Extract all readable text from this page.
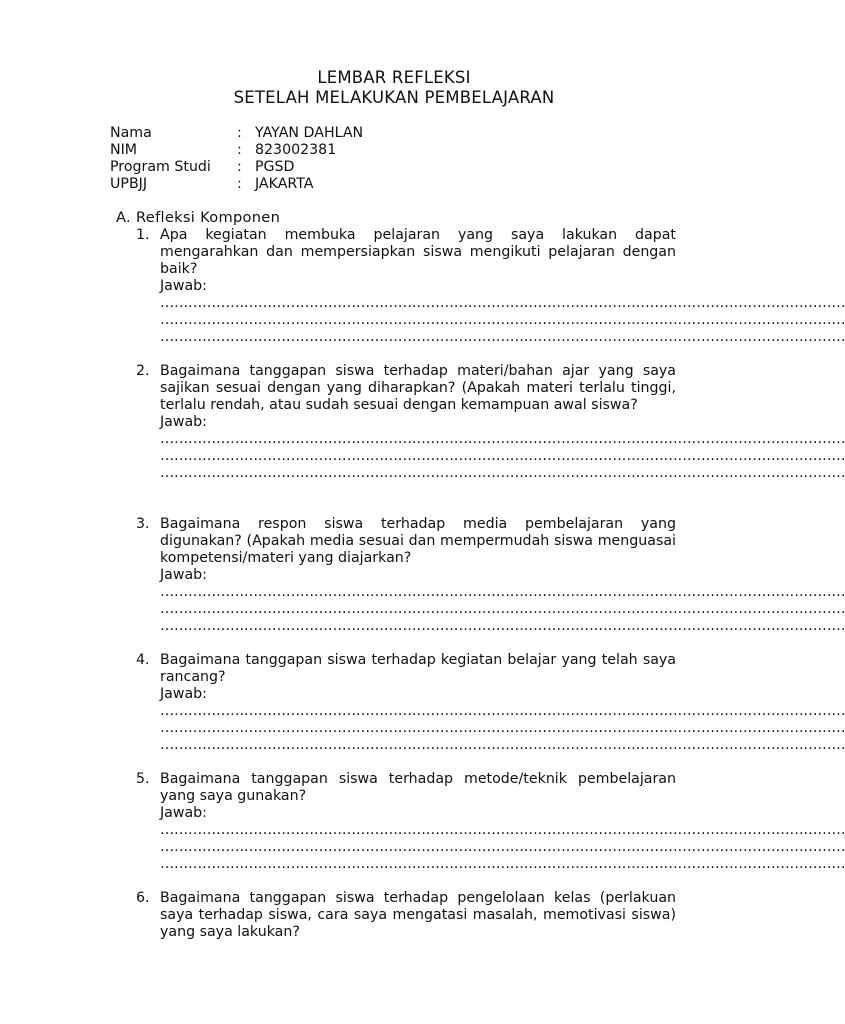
LEMBAR REFLEKSI
SETELAH MELAKUKAN PEMBELAJARAN
Nama	: YAYAN DAHLAN
NIM	: 823002381
Program Studi	: PGSD
UPBJJ	: JAKARTA
A. Refleksi Komponen
1. Apa kegiatan membuka pelajaran yang saya lakukan dapat mengarahkan dan mempersiapkan siswa mengikuti pelajaran dengan baik?
Jawab:
…………………………………………………………………………………………………………………………………
…………………………………………………………………………………………………………………………………
…………………………………………………………………………………………………………………………………
2. Bagaimana tanggapan siswa terhadap materi/bahan ajar yang saya sajikan sesuai dengan yang diharapkan? (Apakah materi terlalu tinggi, terlalu rendah, atau sudah sesuai dengan kemampuan awal siswa?
Jawab:
…………………………………………………………………………………………………………………………………
…………………………………………………………………………………………………………………………………
…………………………………………………………………………………………………………………………………
3. Bagaimana respon siswa terhadap media pembelajaran yang digunakan? (Apakah media sesuai dan mempermudah siswa menguasai kompetensi/materi yang diajarkan?
Jawab:
…………………………………………………………………………………………………………………………………
…………………………………………………………………………………………………………………………………
…………………………………………………………………………………………………………………………………
4. Bagaimana tanggapan siswa terhadap kegiatan belajar yang telah saya rancang?
Jawab:
…………………………………………………………………………………………………………………………………
…………………………………………………………………………………………………………………………………
…………………………………………………………………………………………………………………………………
5. Bagaimana tanggapan siswa terhadap metode/teknik pembelajaran yang saya gunakan?
Jawab:
…………………………………………………………………………………………………………………………………
…………………………………………………………………………………………………………………………………
…………………………………………………………………………………………………………………………………
6. Bagaimana tanggapan siswa terhadap pengelolaan kelas (perlakuan saya terhadap siswa, cara saya mengatasi masalah, memotivasi siswa) yang saya lakukan?
